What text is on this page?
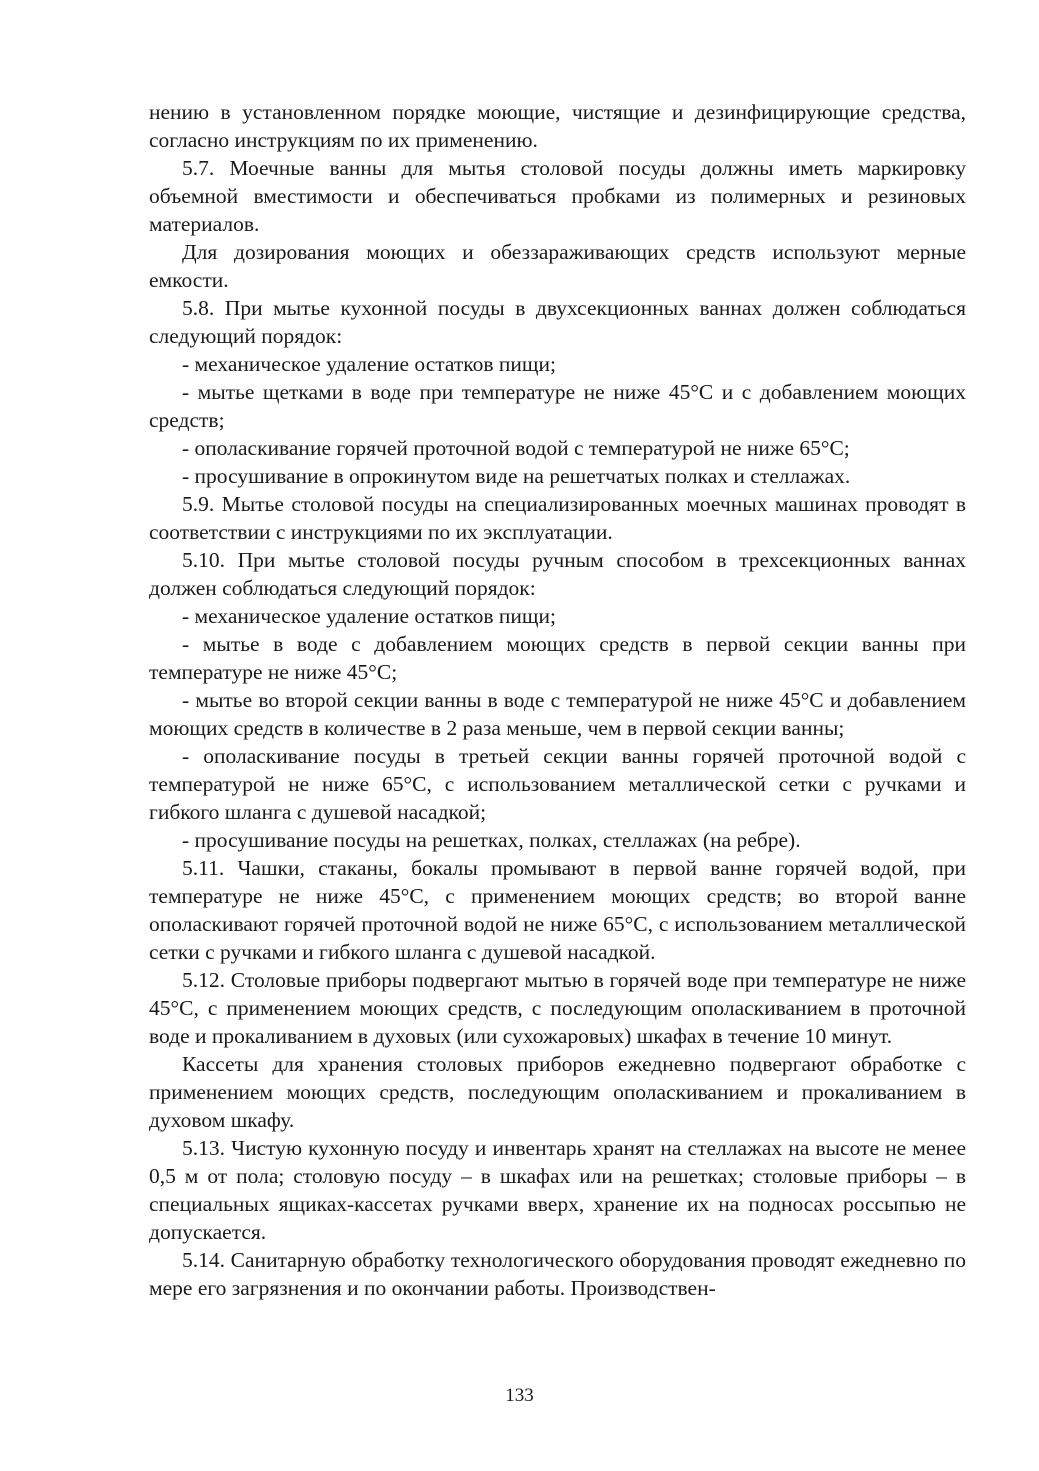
нению в установленном порядке моющие, чистящие и дезинфицирующие средства, согласно инструкциям по их применению.

5.7. Моечные ванны для мытья столовой посуды должны иметь маркировку объемной вместимости и обеспечиваться пробками из полимерных и резиновых материалов.

Для дозирования моющих и обеззараживающих средств используют мерные емкости.

5.8. При мытье кухонной посуды в двухсекционных ваннах должен соблюдаться следующий порядок:

- механическое удаление остатков пищи;

- мытье щетками в воде при температуре не ниже 45°С и с добавлением моющих средств;

- ополаскивание горячей проточной водой с температурой не ниже 65°С;

- просушивание в опрокинутом виде на решетчатых полках и стеллажах.

5.9. Мытье столовой посуды на специализированных моечных машинах проводят в соответствии с инструкциями по их эксплуатации.

5.10. При мытье столовой посуды ручным способом в трехсекционных ваннах должен соблюдаться следующий порядок:

- механическое удаление остатков пищи;

- мытье в воде с добавлением моющих средств в первой секции ванны при температуре не ниже 45°С;

- мытье во второй секции ванны в воде с температурой не ниже 45°С и добавлением моющих средств в количестве в 2 раза меньше, чем в первой секции ванны;

- ополаскивание посуды в третьей секции ванны горячей проточной водой с температурой не ниже 65°С, с использованием металлической сетки с ручками и гибкого шланга с душевой насадкой;

- просушивание посуды на решетках, полках, стеллажах (на ребре).

5.11. Чашки, стаканы, бокалы промывают в первой ванне горячей водой, при температуре не ниже 45°С, с применением моющих средств; во второй ванне ополаскивают горячей проточной водой не ниже 65°С, с использованием металлической сетки с ручками и гибкого шланга с душевой насадкой.

5.12. Столовые приборы подвергают мытью в горячей воде при температуре не ниже 45°С, с применением моющих средств, с последующим ополаскиванием в проточной воде и прокаливанием в духовых (или сухожаровых) шкафах в течение 10 минут.

Кассеты для хранения столовых приборов ежедневно подвергают обработке с применением моющих средств, последующим ополаскиванием и прокаливанием в духовом шкафу.

5.13. Чистую кухонную посуду и инвентарь хранят на стеллажах на высоте не менее 0,5 м от пола; столовую посуду – в шкафах или на решетках; столовые приборы – в специальных ящиках-кассетах ручками вверх, хранение их на подносах россыпью не допускается.

5.14. Санитарную обработку технологического оборудования проводят ежедневно по мере его загрязнения и по окончании работы. Производствен-

133
